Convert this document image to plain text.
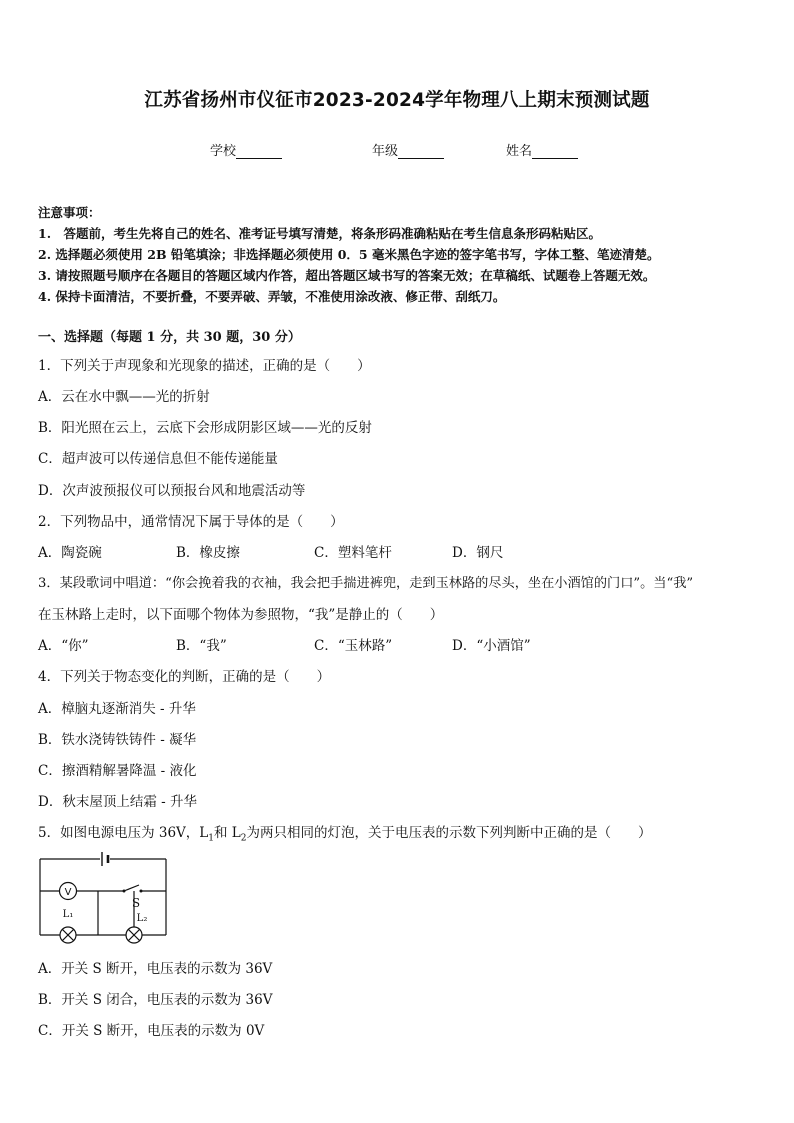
江苏省扬州市仪征市2023-2024学年物理八上期末预测试题
学校	年级	姓名
注意事项：
1.　答题前，考生先将自己的姓名、准考证号填写清楚，将条形码准确粘贴在考生信息条形码粘贴区。
2. 选择题必须使用 2B 铅笔填涂；非选择题必须使用 0．5 毫米黑色字迹的签字笔书写，字体工整、笔迹清楚。
3. 请按照题号顺序在各题目的答题区域内作答，超出答题区域书写的答案无效；在草稿纸、试题卷上答题无效。
4. 保持卡面清洁，不要折叠，不要弄破、弄皱，不准使用涂改液、修正带、刮纸刀。
一、选择题（每题 1 分，共 30 题，30 分）
1．下列关于声现象和光现象的描述，正确的是（　　）
A．云在水中飘——光的折射
B．阳光照在云上，云底下会形成阴影区域——光的反射
C．超声波可以传递信息但不能传递能量
D．次声波预报仪可以预报台风和地震活动等
2．下列物品中，通常情况下属于导体的是（　　）
A．陶瓷碗	B．橡皮擦	C．塑料笔杆	D．钢尺
3．某段歌词中唱道：“你会挽着我的衣袖，我会把手揣进裤兜，走到玉林路的尽头，坐在小酒馆的门口”。当“我”
在玉林路上走时，以下面哪个物体为参照物，“我”是静止的（　　）
A．“你”	B．“我”	C．“玉林路”	D．“小酒馆”
4．下列关于物态变化的判断，正确的是（　　）
A．樟脑丸逐渐消失 - 升华
B．铁水浇铸铁铸件 - 凝华
C．擦酒精解暑降温 - 液化
D．秋末屋顶上结霜 - 升华
5．如图电源电压为 36V，$L_1$和 $L_2$为两只相同的灯泡，关于电压表的示数下列判断中正确的是（　　）
V
S
L₁	L₂
A．开关 S 断开，电压表的示数为 36V
B．开关 S 闭合，电压表的示数为 36V
C．开关 S 断开，电压表的示数为 0V
